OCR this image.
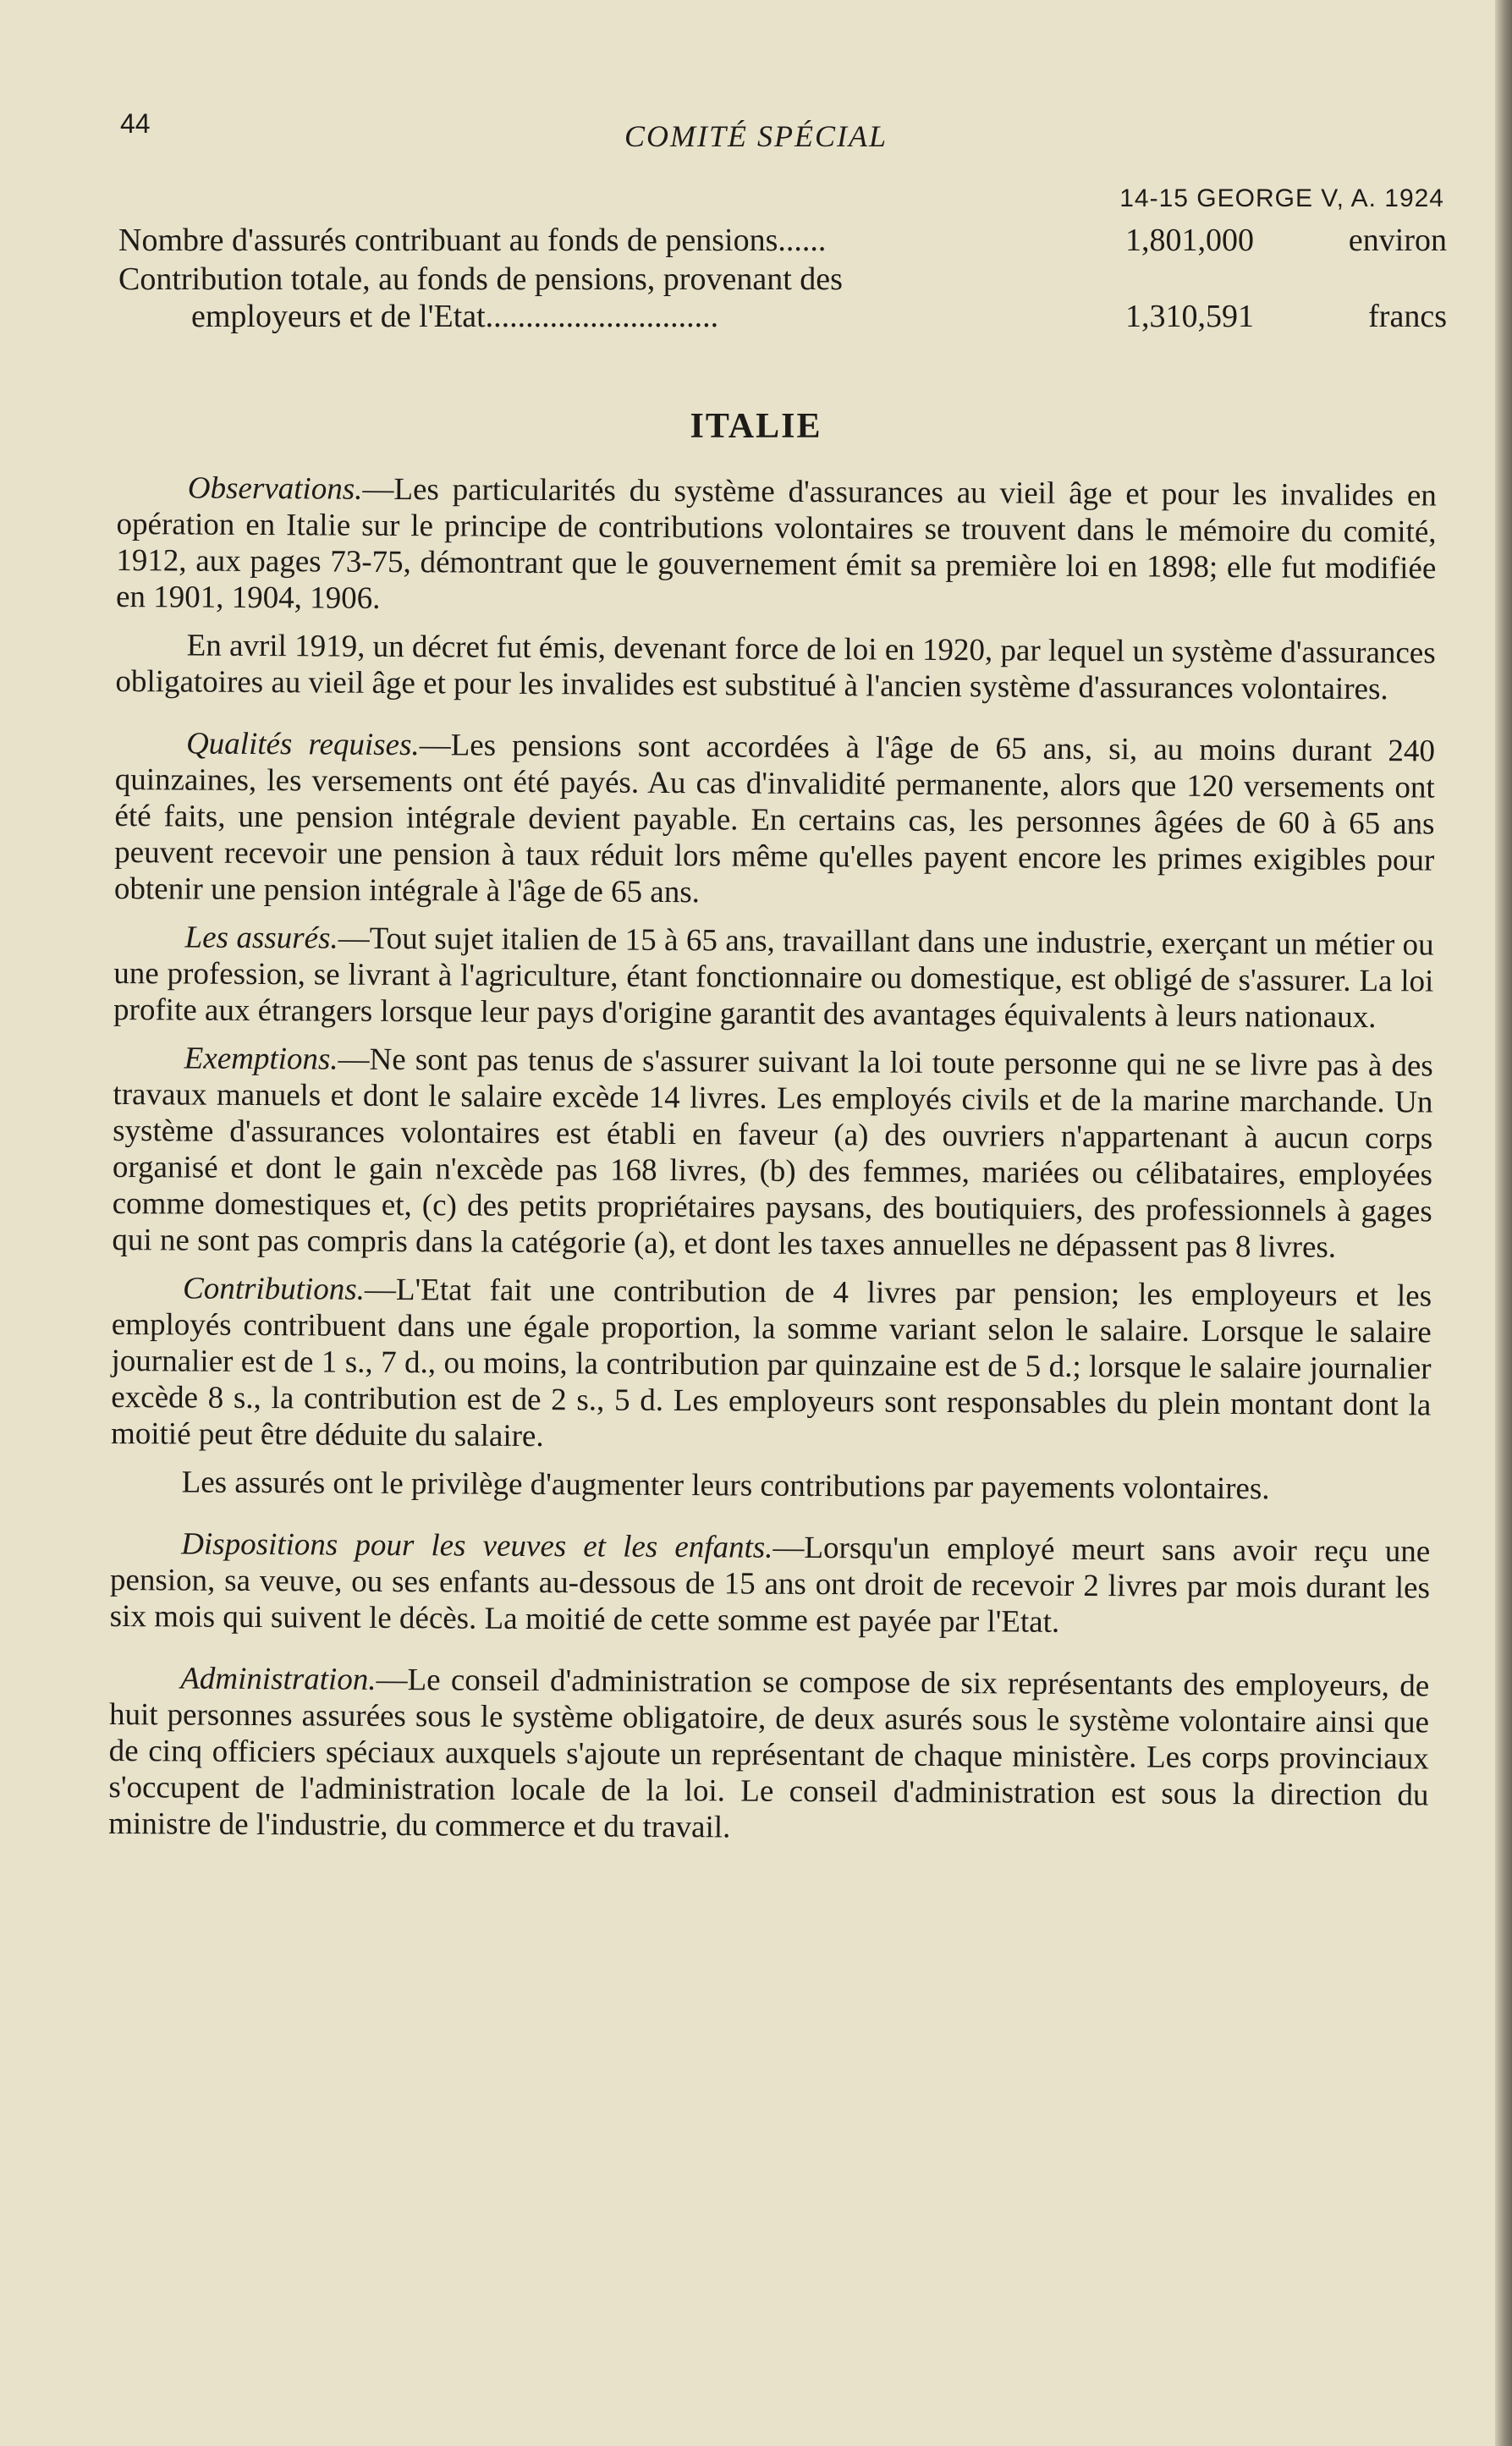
44	COMITÉ SPÉCIAL
14-15 GEORGE V, A. 1924
Nombre d'assurés contribuant au fonds de pensions......	1,801,000	environ
Contribution totale, au fonds de pensions, provenant des
employeurs et de l'Etat.............................	1,310,591	francs
ITALIE

Observations.—Les particularités du système d'assurances au vieil âge et pour les invalides en opération en Italie sur le principe de contributions volontaires se trouvent dans le mémoire du comité, 1912, aux pages 73-75, démontrant que le gouvernement émit sa première loi en 1898; elle fut modifiée en 1901, 1904, 1906.

En avril 1919, un décret fut émis, devenant force de loi en 1920, par lequel un système d'assurances obligatoires au vieil âge et pour les invalides est substitué à l'ancien système d'assurances volontaires.

Qualités requises.—Les pensions sont accordées à l'âge de 65 ans, si, au moins durant 240 quinzaines, les versements ont été payés. Au cas d'invalidité permanente, alors que 120 versements ont été faits, une pension intégrale devient payable. En certains cas, les personnes âgées de 60 à 65 ans peuvent recevoir une pension à taux réduit lors même qu'elles payent encore les primes exigibles pour obtenir une pension intégrale à l'âge de 65 ans.

Les assurés.—Tout sujet italien de 15 à 65 ans, travaillant dans une industrie, exerçant un métier ou une profession, se livrant à l'agriculture, étant fonctionnaire ou domestique, est obligé de s'assurer. La loi profite aux étrangers lorsque leur pays d'origine garantit des avantages équivalents à leurs nationaux.

Exemptions.—Ne sont pas tenus de s'assurer suivant la loi toute personne qui ne se livre pas à des travaux manuels et dont le salaire excède 14 livres. Les employés civils et de la marine marchande. Un système d'assurances volontaires est établi en faveur (a) des ouvriers n'appartenant à aucun corps organisé et dont le gain n'excède pas 168 livres, (b) des femmes, mariées ou célibataires, employées comme domestiques et, (c) des petits propriétaires paysans, des boutiquiers, des professionnels à gages qui ne sont pas compris dans la catégorie (a), et dont les taxes annuelles ne dépassent pas 8 livres.

Contributions.—L'Etat fait une contribution de 4 livres par pension; les employeurs et les employés contribuent dans une égale proportion, la somme variant selon le salaire. Lorsque le salaire journalier est de 1 s., 7 d., ou moins, la contribution par quinzaine est de 5 d.; lorsque le salaire journalier excède 8 s., la contribution est de 2 s., 5 d. Les employeurs sont responsables du plein montant dont la moitié peut être déduite du salaire.

Les assurés ont le privilège d'augmenter leurs contributions par payements volontaires.

Dispositions pour les veuves et les enfants.—Lorsqu'un employé meurt sans avoir reçu une pension, sa veuve, ou ses enfants au-dessous de 15 ans ont droit de recevoir 2 livres par mois durant les six mois qui suivent le décès. La moitié de cette somme est payée par l'Etat.

Administration.—Le conseil d'administration se compose de six représentants des employeurs, de huit personnes assurées sous le système obligatoire, de deux asurés sous le système volontaire ainsi que de cinq officiers spéciaux auxquels s'ajoute un représentant de chaque ministère. Les corps provinciaux s'occupent de l'administration locale de la loi. Le conseil d'administration est sous la direction du ministre de l'industrie, du commerce et du travail.
